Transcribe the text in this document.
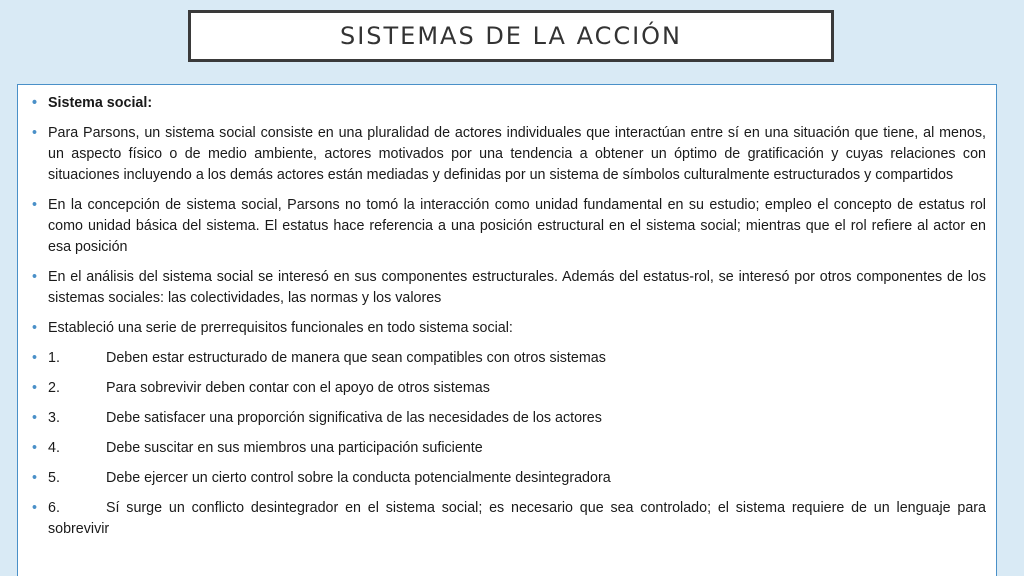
SISTEMAS DE LA ACCIÓN
• Sistema social:
• Para Parsons, un sistema social consiste en una pluralidad de actores individuales que interactúan entre sí en una situación que tiene, al menos, un aspecto físico o de medio ambiente, actores motivados por una tendencia a obtener un óptimo de gratificación y cuyas relaciones con situaciones incluyendo a los demás actores están mediadas y definidas por un sistema de símbolos culturalmente estructurados y compartidos
• En la concepción de sistema social, Parsons no tomó la interacción como unidad fundamental en su estudio; empleo el concepto de estatus rol como unidad básica del sistema. El estatus hace referencia a una posición estructural en el sistema social; mientras que el rol refiere al actor en esa posición
• En el análisis del sistema social se interesó en sus componentes estructurales. Además del estatus-rol, se interesó por otros componentes de los sistemas sociales: las colectividades, las normas y los valores
• Estableció una serie de prerrequisitos funcionales en todo sistema social:
• 1.	Deben estar estructurado de manera que sean compatibles con otros sistemas
• 2.	Para sobrevivir deben contar con el apoyo de otros sistemas
• 3.	Debe satisfacer una proporción significativa de las necesidades de los actores
• 4.	Debe suscitar en sus miembros una participación suficiente
• 5.	Debe ejercer un cierto control sobre la conducta potencialmente desintegradora
• 6.	Sí surge un conflicto desintegrador en el sistema social; es necesario que sea controlado; el sistema requiere de un lenguaje para sobrevivir
